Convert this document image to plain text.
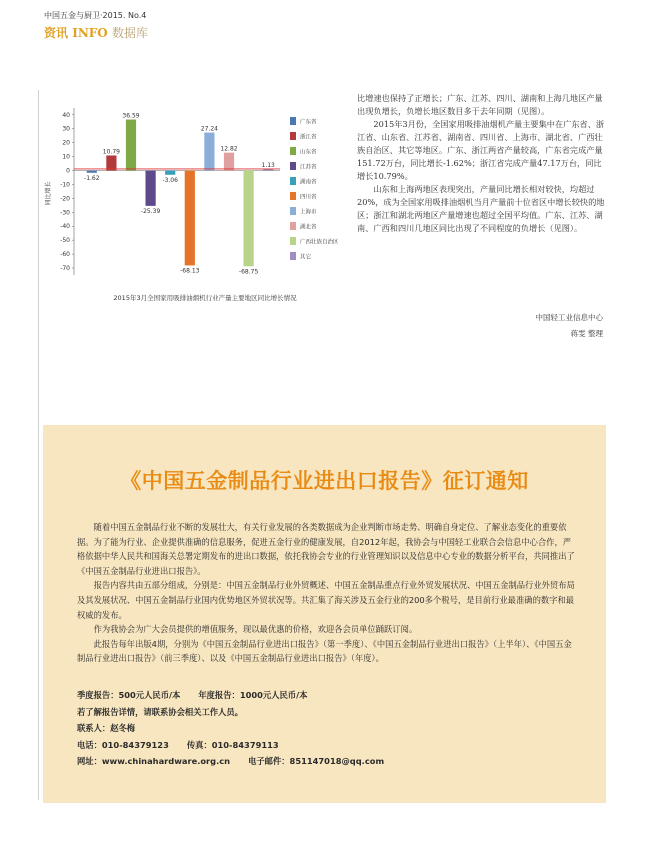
中国五金与厨卫·2015. No.4
资讯 INFO 数据库
40
30
20
10
0
-10
-20
-30
-40
-50
-60
-70
同比增长
-1.62
10.79
36.59
-25.39
-3.06
-68.13
27.24
12.82
-68.75
1.13
广东省
浙江省
山东省
江苏省
湖南省
四川省
上海市
湖北省
广西壮族自治区
其它
2015年3月全国家用吸排油烟机行业产量主要地区同比增长情况

比增速也保持了正增长；广东、江苏、四川、湖南和上海几地区产量出现负增长，负增长地区数目多于去年同期（见图）。

2015年3月份，全国家用吸排油烟机产量主要集中在广东省、浙江省、山东省、江苏省、湖南省、四川省、上海市、湖北省、广西壮族自治区、其它等地区。广东、浙江两省产量较高，广东省完成产量151.72万台，同比增长-1.62%；浙江省完成产量47.17万台，同比增长10.79%。

山东和上海两地区表现突出，产量同比增长相对较快，均超过20%，成为全国家用吸排油烟机当月产量前十位省区中增长较快的地区；浙江和湖北两地区产量增速也超过全国平均值。广东、江苏、湖南、广西和四川几地区同比出现了不同程度的负增长（见图）。

中国轻工业信息中心
蒋雯 整理
《中国五金制品行业进出口报告》征订通知

随着中国五金制品行业不断的发展壮大，有关行业发展的各类数据成为企业判断市场走势、明确自身定位、了解业态变化的重要依据。为了能为行业、企业提供准确的信息服务，促进五金行业的健康发展，自2012年起，我协会与中国轻工业联合会信息中心合作，严格依据中华人民共和国海关总署定期发布的进出口数据，依托我协会专业的行业管理知识以及信息中心专业的数据分析平台，共同推出了《中国五金制品行业进出口报告》。

报告内容共由五部分组成，分别是：中国五金制品行业外贸概述、中国五金制品重点行业外贸发展状况、中国五金制品行业外贸布局及其发展状况、中国五金制品行业国内优势地区外贸状况等。共汇集了海关涉及五金行业的200多个税号，是目前行业最准确的数字和最权威的发布。

作为我协会为广大会员提供的增值服务，现以最优惠的价格，欢迎各会员单位踊跃订阅。

此报告每年出版4期，分别为《中国五金制品行业进出口报告》（第一季度）、《中国五金制品行业进出口报告》（上半年）、《中国五金制品行业进出口报告》（前三季度）、以及《中国五金制品行业进出口报告》（年度）。

季度报告：500元人民币/本 年度报告：1000元人民币/本
若了解报告详情，请联系协会相关工作人员。
联系人：赵冬梅
电话：010-84379123 传真：010-84379113
网址：www.chinahardware.org.cn 电子邮件：851147018@qq.com
